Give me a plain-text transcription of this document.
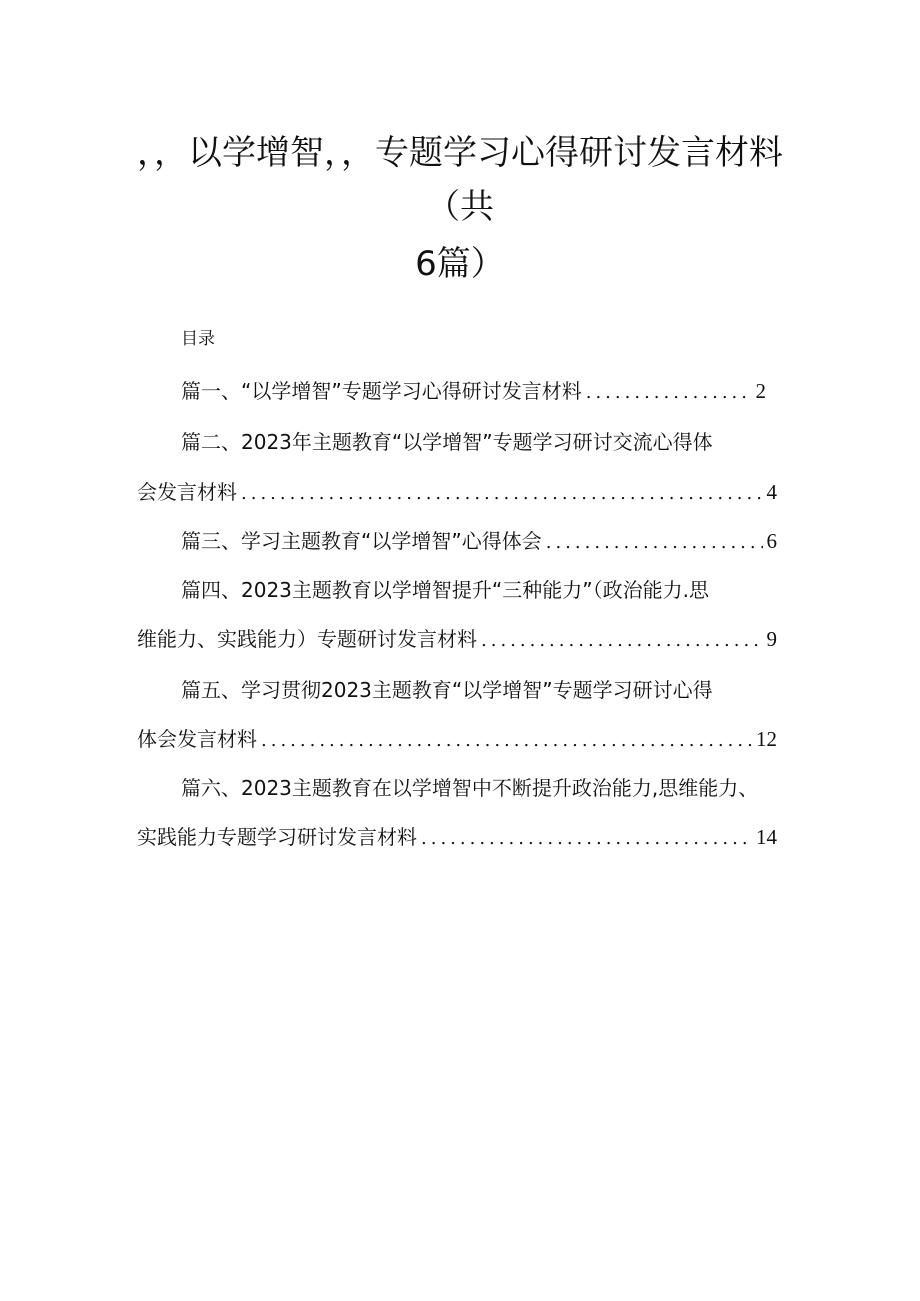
，，以学增智，，专题学习心得研讨发言材料
（共
6篇）
目录
篇一、“以学增智”专题学习心得研讨发言材料 .....	2
篇二、2023年主题教育“以学增智”专题学习研讨交流心得体
会发言材料 .....	4
篇三、学习主题教育“以学增智”心得体会 .....	6
篇四、2023主题教育以学增智提升“三种能力”（政治能力.思
维能力、实践能力）专题研讨发言材料 .....	9
篇五、学习贯彻2023主题教育“以学增智”专题学习研讨心得
体会发言材料 .....	12
篇六、2023主题教育在以学增智中不断提升政治能力,思维能力、
实践能力专题学习研讨发言材料 .....	14
